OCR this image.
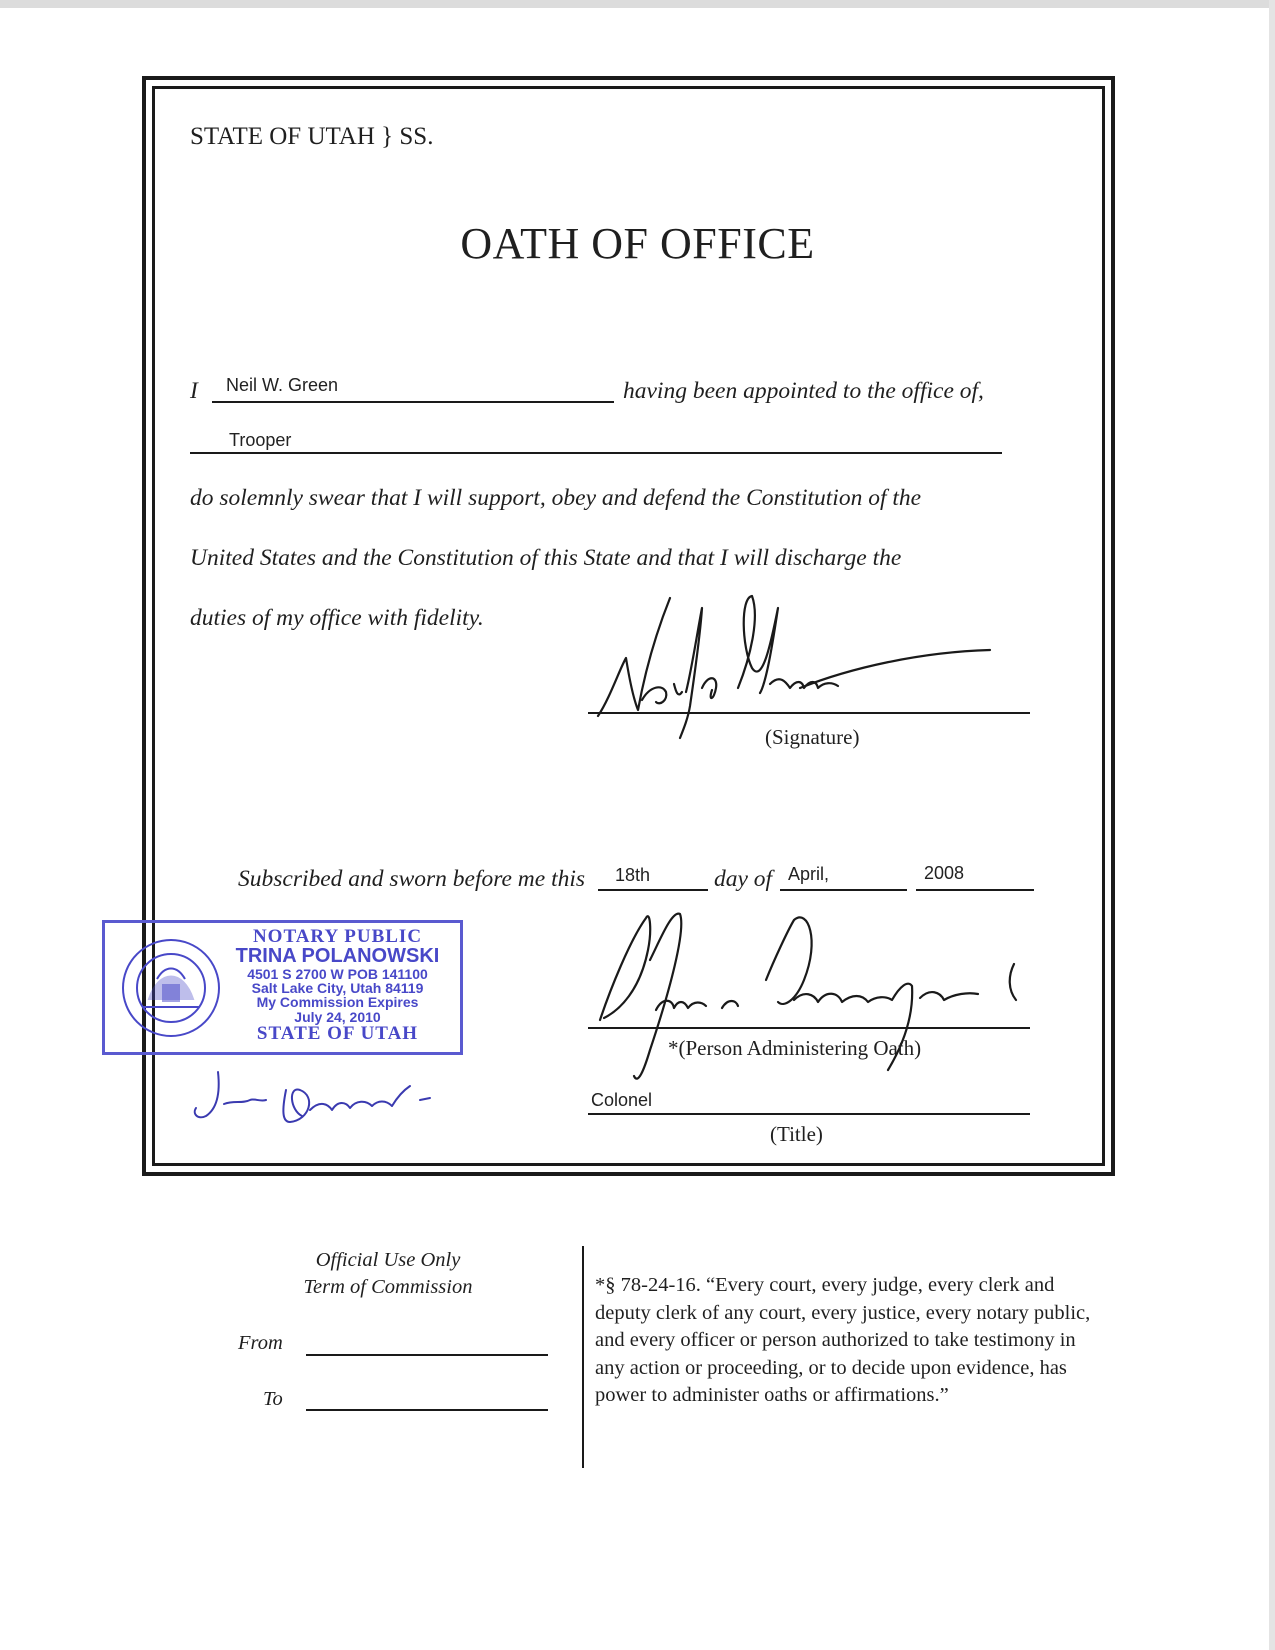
STATE OF UTAH } SS.
OATH OF OFFICE
I Neil W. Green	having been appointed to the office of,
Trooper
do solemnly swear that I will support, obey and defend the Constitution of the
United States and the Constitution of this State and that I will discharge the
duties of my office with fidelity.
(Signature)
Subscribed and sworn before me this 18th	day of April,	2008
NOTARY PUBLIC
TRINA POLANOWSKI
4501 S 2700 W POB 141100
Salt Lake City, Utah 84119
My Commission Expires
July 24, 2010
STATE OF UTAH
*(Person Administering Oath)
Colonel
(Title)
Official Use Only
Term of Commission
From
To
*§ 78-24-16. “Every court, every judge, every clerk and deputy clerk of any court, every justice, every notary public, and every officer or person authorized to take testimony in any action or proceeding, or to decide upon evidence, has power to administer oaths or affirmations.”
